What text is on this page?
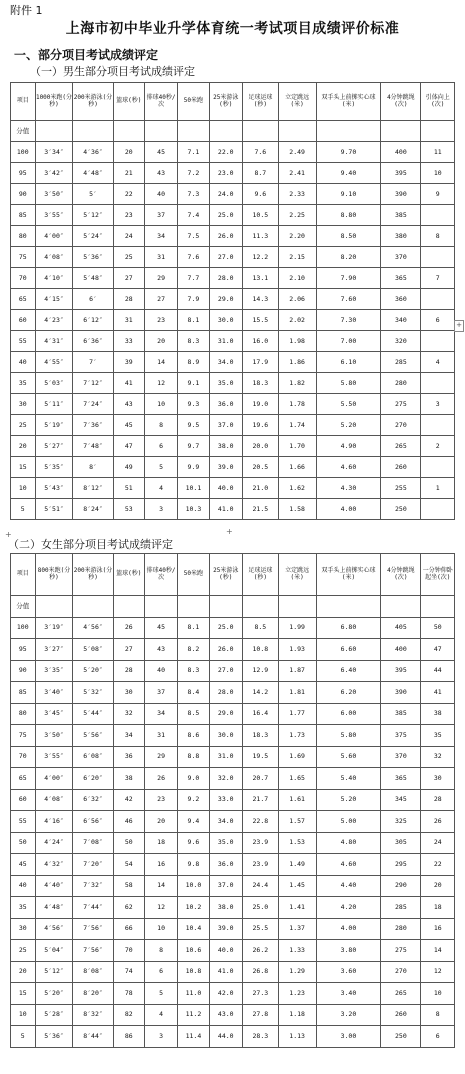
附件 1
上海市初中毕业升学体育统一考试项目成绩评价标准
一、部分项目考试成绩评定
（一）男生部分项目考试成绩评定
（二）女生部分项目考试成绩评定
项目	1000米跑(分秒)	200米游泳(分秒)	篮球(秒)	排球40秒/次	50米跑	25米游泳(秒)	足球运球(秒)	立定跳远(米)	双手头上前掷实心球(米)	4分钟跳绳(次)	引体向上(次)
分值											
100	3′34″	4′36″	20	45	7.1	22.0	7.6	2.49	9.70	400	11
95	3′42″	4′48″	21	43	7.2	23.0	8.7	2.41	9.40	395	10
90	3′50″	5′	22	40	7.3	24.0	9.6	2.33	9.10	390	9
85	3′55″	5′12″	23	37	7.4	25.0	10.5	2.25	8.80	385	
80	4′00″	5′24″	24	34	7.5	26.0	11.3	2.20	8.50	380	8
75	4′08″	5′36″	25	31	7.6	27.0	12.2	2.15	8.20	370	
70	4′10″	5′48″	27	29	7.7	28.0	13.1	2.10	7.90	365	7
65	4′15″	6′	28	27	7.9	29.0	14.3	2.06	7.60	360	
60	4′23″	6′12″	31	23	8.1	30.0	15.5	2.02	7.30	340	6
55	4′31″	6′36″	33	20	8.3	31.0	16.0	1.98	7.00	320	
40	4′55″	7′	39	14	8.9	34.0	17.9	1.86	6.10	285	4
35	5′03″	7′12″	41	12	9.1	35.0	18.3	1.82	5.80	280	
30	5′11″	7′24″	43	10	9.3	36.0	19.0	1.78	5.50	275	3
25	5′19″	7′36″	45	8	9.5	37.0	19.6	1.74	5.20	270	
20	5′27″	7′48″	47	6	9.7	38.0	20.0	1.70	4.90	265	2
15	5′35″	8′	49	5	9.9	39.0	20.5	1.66	4.60	260	
10	5′43″	8′12″	51	4	10.1	40.0	21.0	1.62	4.30	255	1
5	5′51″	8′24″	53	3	10.3	41.0	21.5	1.58	4.00	250	
项目	800米跑(分秒)	200米游泳(分秒)	篮球(秒)	排球40秒/次	50米跑	25米游泳(秒)	足球运球(秒)	立定跳远(米)	双手头上前掷实心球(米)	4分钟跳绳(次)	一分钟仰卧起坐(次)
分值											
100	3′19″	4′56″	26	45	8.1	25.0	8.5	1.99	6.80	405	50
95	3′27″	5′08″	27	43	8.2	26.0	10.8	1.93	6.60	400	47
90	3′35″	5′20″	28	40	8.3	27.0	12.9	1.87	6.40	395	44
85	3′40″	5′32″	30	37	8.4	28.0	14.2	1.81	6.20	390	41
80	3′45″	5′44″	32	34	8.5	29.0	16.4	1.77	6.00	385	38
75	3′50″	5′56″	34	31	8.6	30.0	18.3	1.73	5.80	375	35
70	3′55″	6′08″	36	29	8.8	31.0	19.5	1.69	5.60	370	32
65	4′00″	6′20″	38	26	9.0	32.0	20.7	1.65	5.40	365	30
60	4′08″	6′32″	42	23	9.2	33.0	21.7	1.61	5.20	345	28
55	4′16″	6′56″	46	20	9.4	34.0	22.8	1.57	5.00	325	26
50	4′24″	7′08″	50	18	9.6	35.0	23.9	1.53	4.80	305	24
45	4′32″	7′20″	54	16	9.8	36.0	23.9	1.49	4.60	295	22
40	4′40″	7′32″	58	14	10.0	37.0	24.4	1.45	4.40	290	20
35	4′48″	7′44″	62	12	10.2	38.0	25.0	1.41	4.20	285	18
30	4′56″	7′56″	66	10	10.4	39.0	25.5	1.37	4.00	280	16
25	5′04″	7′56″	70	8	10.6	40.0	26.2	1.33	3.80	275	14
20	5′12″	8′08″	74	6	10.8	41.0	26.8	1.29	3.60	270	12
15	5′20″	8′20″	78	5	11.0	42.0	27.3	1.23	3.40	265	10
10	5′28″	8′32″	82	4	11.2	43.0	27.8	1.18	3.20	260	8
5	5′36″	8′44″	86	3	11.4	44.0	28.3	1.13	3.00	250	6
+
+
+
